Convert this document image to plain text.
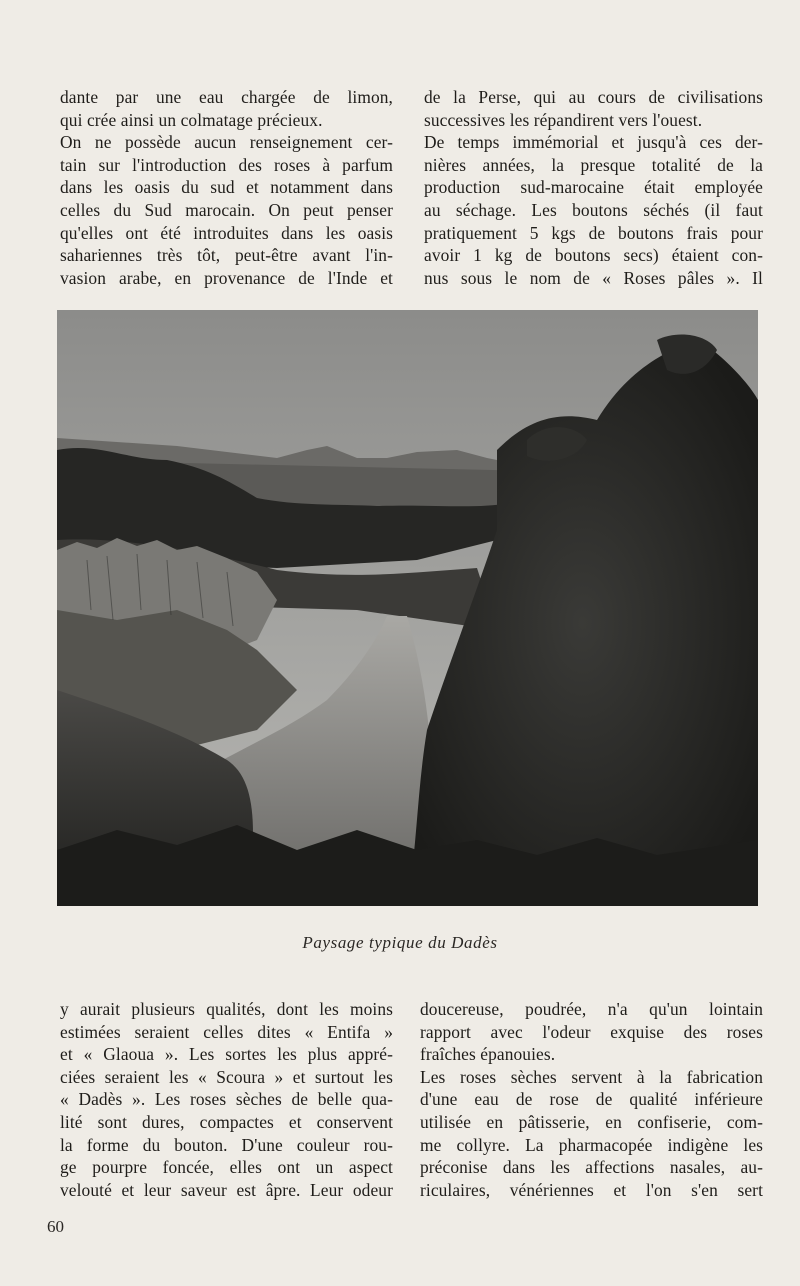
dante par une eau chargée de limon,
qui crée ainsi un colmatage précieux.
On ne possède aucun renseignement cer-
tain sur l'introduction des roses à parfum
dans les oasis du sud et notamment dans
celles du Sud marocain. On peut penser
qu'elles ont été introduites dans les oasis
sahariennes très tôt, peut-être avant l'in-
vasion arabe, en provenance de l'Inde et
de la Perse, qui au cours de civilisations
successives les répandirent vers l'ouest.
De temps immémorial et jusqu'à ces der-
nières années, la presque totalité de la
production sud-marocaine était employée
au séchage. Les boutons séchés (il faut
pratiquement 5 kgs de boutons frais pour
avoir 1 kg de boutons secs) étaient con-
nus sous le nom de « Roses pâles ». Il
Paysage typique du Dadès
y aurait plusieurs qualités, dont les moins
estimées seraient celles dites « Entifa »
et « Glaoua ». Les sortes les plus appré-
ciées seraient les « Scoura » et surtout les
« Dadès ». Les roses sèches de belle qua-
lité sont dures, compactes et conservent
la forme du bouton. D'une couleur rou-
ge pourpre foncée, elles ont un aspect
velouté et leur saveur est âpre. Leur odeur
doucereuse, poudrée, n'a qu'un lointain
rapport avec l'odeur exquise des roses
fraîches épanouies.
Les roses sèches servent à la fabrication
d'une eau de rose de qualité inférieure
utilisée en pâtisserie, en confiserie, com-
me collyre. La pharmacopée indigène les
préconise dans les affections nasales, au-
riculaires, vénériennes et l'on s'en sert
60
